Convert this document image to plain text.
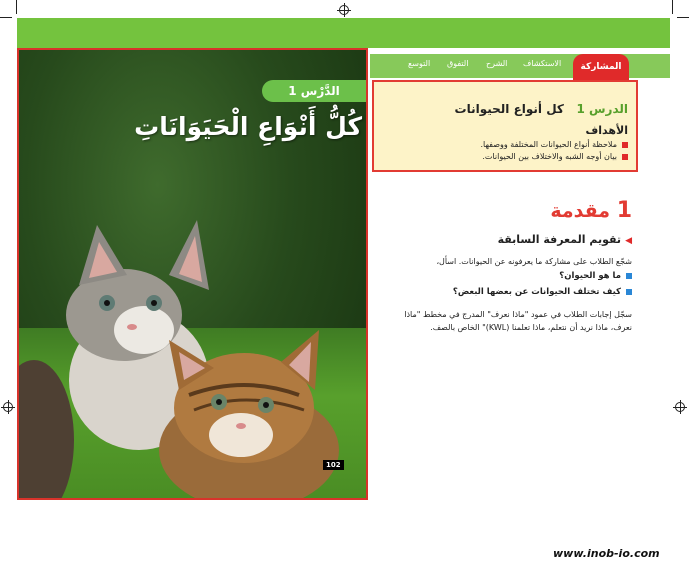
المشاركة
الاستكشاف
الشرح
التفوق
التوسع
الدَّرْس 1
كُلُّ أَنْوَاعِ الْحَيَوَانَاتِ
102
الدرس 1   كل أنواع الحيوانات
الأهداف
ملاحظة أنواع الحيوانات المختلفة ووصفها.
بيان أوجه الشبه والاختلاف بين الحيوانات.
1 مقدمة
◀تقويم المعرفة السابقة
شجّع الطلاب على مشاركة ما يعرفونه عن الحيوانات. اسأل،
ما هو الحيوان؟
كيف تختلف الحيوانات عن بعضها البعض؟
سجّل إجابات الطلاب في عمود "ماذا نعرف" المدرج في مخطط "ماذا نعرف، ماذا نريد أن نتعلم، ماذا تعلمنا (KWL)" الخاص بالصف.
www.inob-io.com
